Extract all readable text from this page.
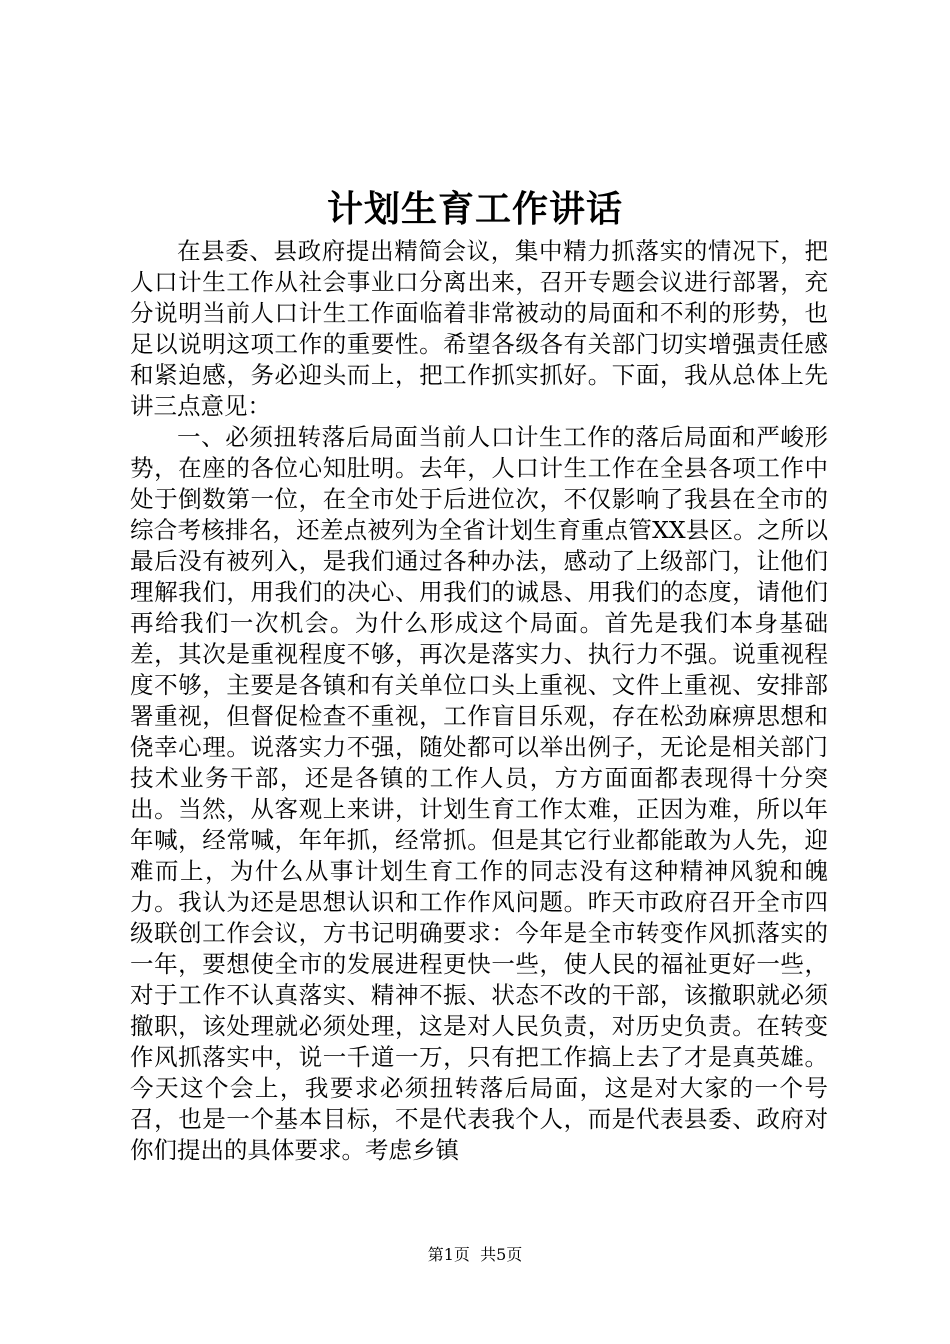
计划生育工作讲话

在县委、县政府提出精简会议，集中精力抓落实的情况下，把人口计生工作从社会事业口分离出来，召开专题会议进行部署，充分说明当前人口计生工作面临着非常被动的局面和不利的形势，也足以说明这项工作的重要性。希望各级各有关部门切实增强责任感和紧迫感，务必迎头而上，把工作抓实抓好。下面，我从总体上先讲三点意见：

一、必须扭转落后局面当前人口计生工作的落后局面和严峻形势，在座的各位心知肚明。去年，人口计生工作在全县各项工作中处于倒数第一位，在全市处于后进位次，不仅影响了我县在全市的综合考核排名，还差点被列为全省计划生育重点管XX县区。之所以最后没有被列入，是我们通过各种办法，感动了上级部门，让他们理解我们，用我们的决心、用我们的诚恳、用我们的态度，请他们再给我们一次机会。为什么形成这个局面。首先是我们本身基础差，其次是重视程度不够，再次是落实力、执行力不强。说重视程度不够，主要是各镇和有关单位口头上重视、文件上重视、安排部署重视，但督促检查不重视，工作盲目乐观，存在松劲麻痹思想和侥幸心理。说落实力不强，随处都可以举出例子，无论是相关部门技术业务干部，还是各镇的工作人员，方方面面都表现得十分突出。当然，从客观上来讲，计划生育工作太难，正因为难，所以年年喊，经常喊，年年抓，经常抓。但是其它行业都能敢为人先，迎难而上，为什么从事计划生育工作的同志没有这种精神风貌和魄力。我认为还是思想认识和工作作风问题。昨天市政府召开全市四级联创工作会议，方书记明确要求：今年是全市转变作风抓落实的一年，要想使全市的发展进程更快一些，使人民的福祉更好一些，对于工作不认真落实、精神不振、状态不改的干部，该撤职就必须撤职，该处理就必须处理，这是对人民负责，对历史负责。在转变作风抓落实中，说一千道一万，只有把工作搞上去了才是真英雄。今天这个会上，我要求必须扭转落后局面，这是对大家的一个号召，也是一个基本目标，不是代表我个人，而是代表县委、政府对你们提出的具体要求。考虑乡镇

第1页  共5页
